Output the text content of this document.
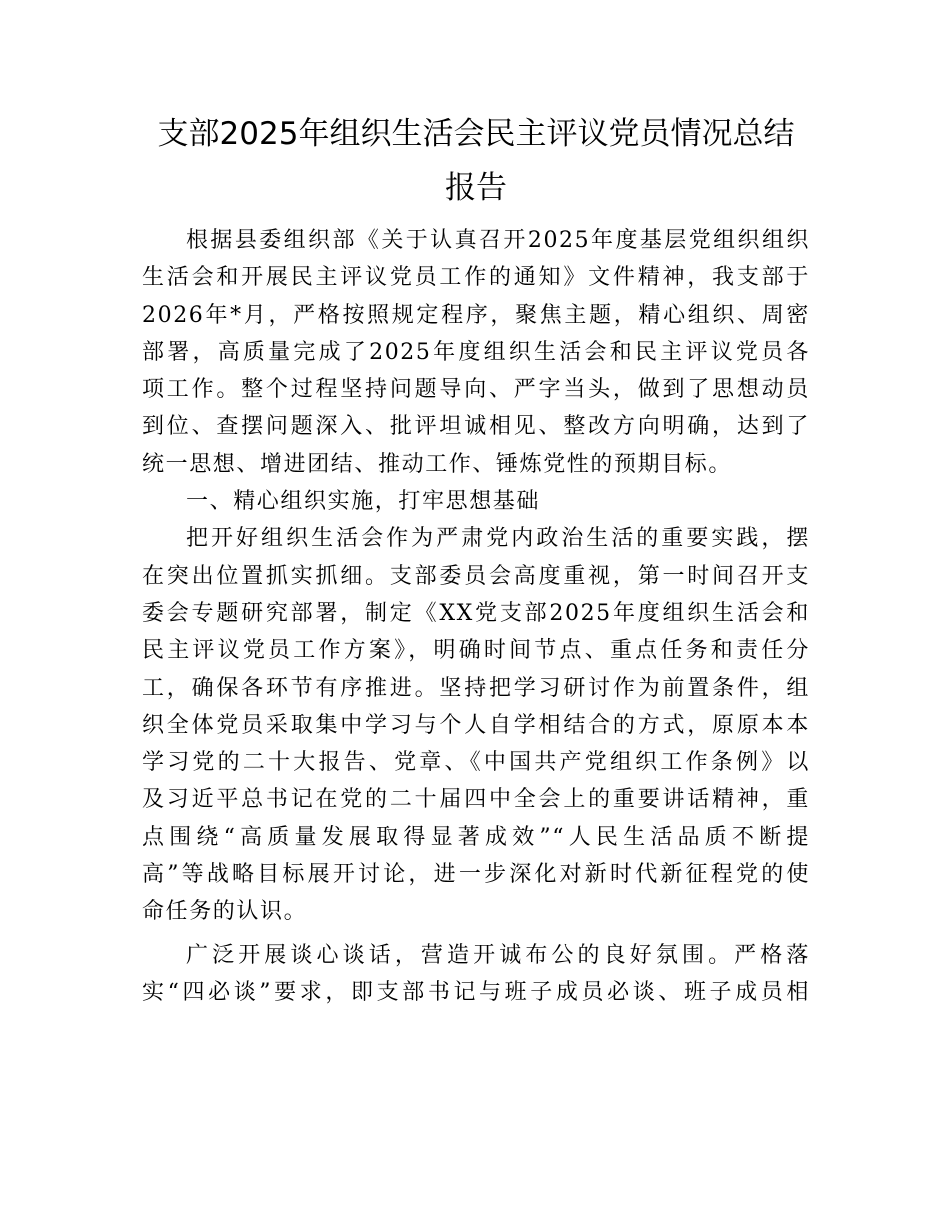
支部2025年组织生活会民主评议党员情况总结
报告

根据县委组织部《关于认真召开2025年度基层党组织组织
生活会和开展民主评议党员工作的通知》文件精神，我支部于
2026年*月，严格按照规定程序，聚焦主题，精心组织、周密
部署，高质量完成了2025年度组织生活会和民主评议党员各
项工作。整个过程坚持问题导向、严字当头，做到了思想动员
到位、查摆问题深入、批评坦诚相见、整改方向明确，达到了
统一思想、增进团结、推动工作、锤炼党性的预期目标。

一、精心组织实施，打牢思想基础

把开好组织生活会作为严肃党内政治生活的重要实践，摆
在突出位置抓实抓细。支部委员会高度重视，第一时间召开支
委会专题研究部署，制定《XX党支部2025年度组织生活会和
民主评议党员工作方案》，明确时间节点、重点任务和责任分
工，确保各环节有序推进。坚持把学习研讨作为前置条件，组
织全体党员采取集中学习与个人自学相结合的方式，原原本本
学习党的二十大报告、党章、《中国共产党组织工作条例》以
及习近平总书记在党的二十届四中全会上的重要讲话精神，重
点围绕“高质量发展取得显著成效”“人民生活品质不断提
高”等战略目标展开讨论，进一步深化对新时代新征程党的使
命任务的认识。

广泛开展谈心谈话，营造开诚布公的良好氛围。严格落
实“四必谈”要求，即支部书记与班子成员必谈、班子成员相
